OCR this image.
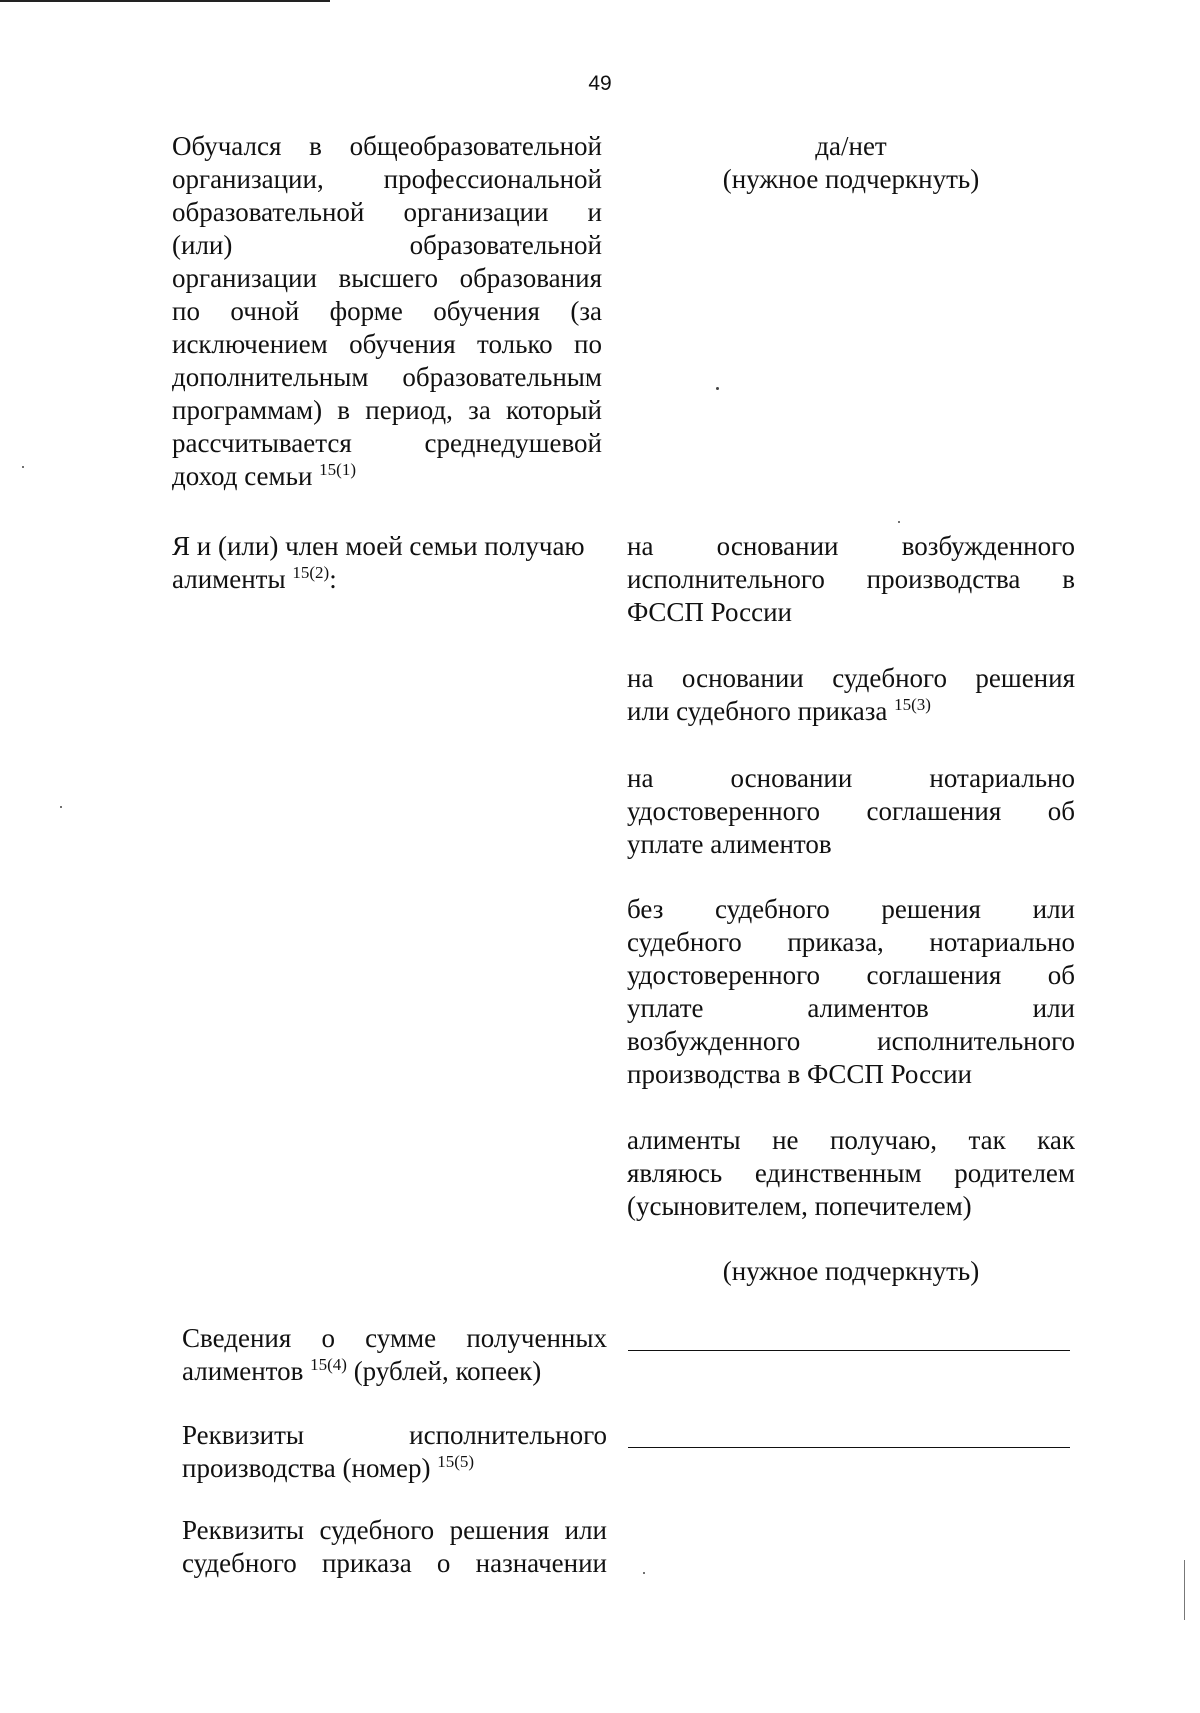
49
Обучался в общеобразовательной
организации, профессиональной
образовательной организации и
(или) образовательной
организации высшего образования
по очной форме обучения (за
исключением обучения только по
дополнительным образовательным
программам) в период, за который
рассчитывается среднедушевой
доход семьи $^{15(1)}$
да/нет
(нужное подчеркнуть)
Я и (или) член моей семьи получаю
алименты $^{15(2)}$:
на основании возбужденного
исполнительного производства в
ФССП России
на основании судебного решения
или судебного приказа $^{15(3)}$
на основании нотариально
удостоверенного соглашения об
уплате алиментов
без судебного решения или
судебного приказа, нотариально
удостоверенного соглашения об
уплате алиментов или
возбужденного исполнительного
производства в ФССП России
алименты не получаю, так как
являюсь единственным родителем
(усыновителем, попечителем)
(нужное подчеркнуть)
Сведения о сумме полученных
алиментов $^{15(4)}$ (рублей, копеек)
Реквизиты исполнительного
производства (номер) $^{15(5)}$
Реквизиты судебного решения или
судебного приказа о назначении
